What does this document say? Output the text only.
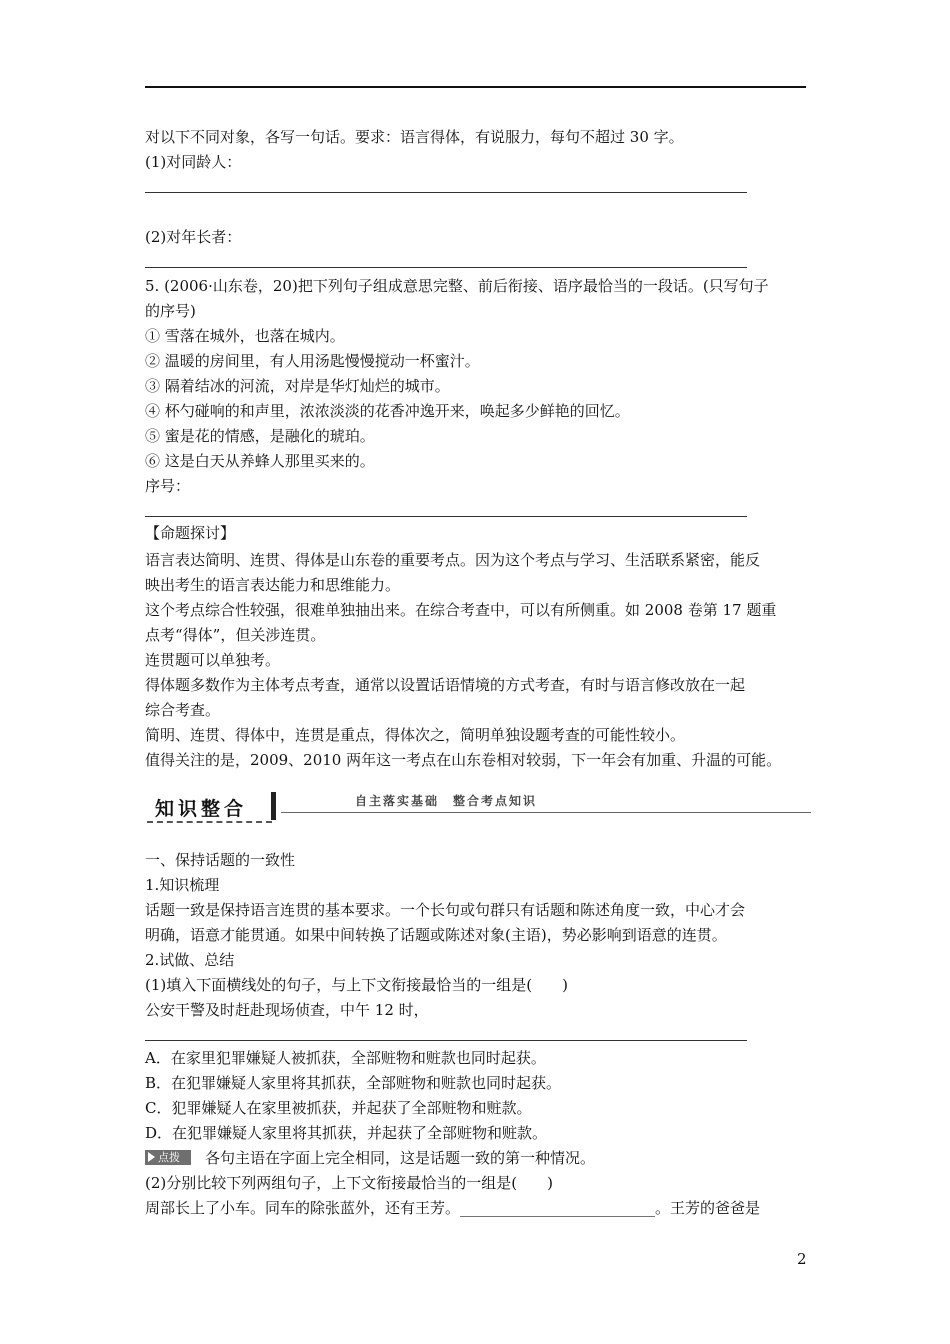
对以下不同对象，各写一句话。要求：语言得体，有说服力，每句不超过 30 字。
(1)对同龄人：
(2)对年长者：
5. (2006·山东卷，20)把下列句子组成意思完整、前后衔接、语序最恰当的一段话。(只写句子
的序号)
① 雪落在城外，也落在城内。
② 温暖的房间里，有人用汤匙慢慢搅动一杯蜜汁。
③ 隔着结冰的河流，对岸是华灯灿烂的城市。
④ 杯勺碰响的和声里，浓浓淡淡的花香冲逸开来，唤起多少鲜艳的回忆。
⑤ 蜜是花的情感，是融化的琥珀。
⑥ 这是白天从养蜂人那里买来的。
序号：
【命题探讨】
语言表达简明、连贯、得体是山东卷的重要考点。因为这个考点与学习、生活联系紧密，能反
映出考生的语言表达能力和思维能力。
这个考点综合性较强，很难单独抽出来。在综合考查中，可以有所侧重。如 2008 卷第 17 题重
点考“得体”，但关涉连贯。
连贯题可以单独考。
得体题多数作为主体考点考查，通常以设置话语情境的方式考查，有时与语言修改放在一起
综合考查。
简明、连贯、得体中，连贯是重点，得体次之，简明单独设题考查的可能性较小。
值得关注的是，2009、2010 两年这一考点在山东卷相对较弱，下一年会有加重、升温的可能。
知识整合	自主落实基础　整合考点知识
一、保持话题的一致性
1.知识梳理
话题一致是保持语言连贯的基本要求。一个长句或句群只有话题和陈述角度一致，中心才会
明确，语意才能贯通。如果中间转换了话题或陈述对象(主语)，势必影响到语意的连贯。
2.试做、总结
(1)填入下面横线处的句子，与上下文衔接最恰当的一组是(　　)
公安干警及时赶赴现场侦查，中午 12 时，
A．在家里犯罪嫌疑人被抓获，全部赃物和赃款也同时起获。
B．在犯罪嫌疑人家里将其抓获，全部赃物和赃款也同时起获。
C．犯罪嫌疑人在家里被抓获，并起获了全部赃物和赃款。
D．在犯罪嫌疑人家里将其抓获，并起获了全部赃物和赃款。
点拨 各句主语在字面上完全相同，这是话题一致的第一种情况。
(2)分别比较下列两组句子，上下文衔接最恰当的一组是(　　)
周部长上了小车。同车的除张蓝外，还有王芳。__________________________。王芳的爸爸是
2
